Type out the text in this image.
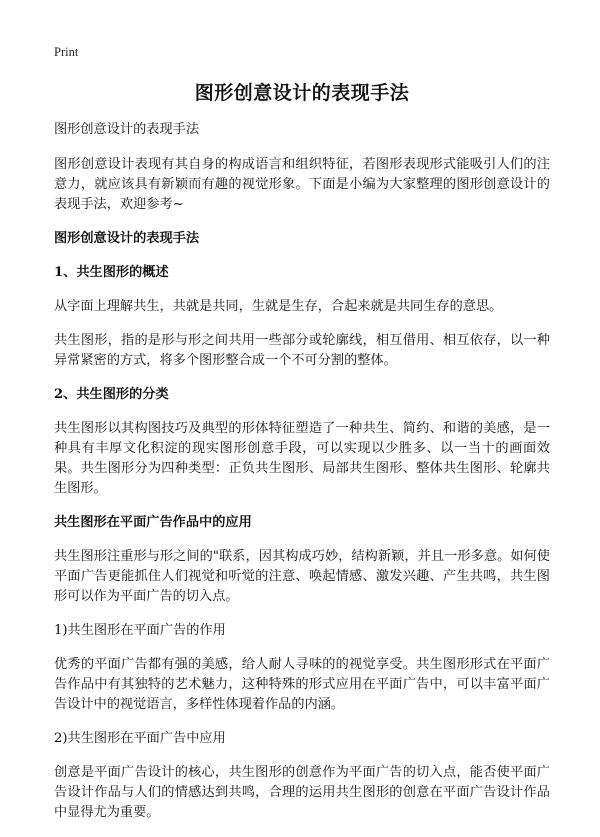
Print
图形创意设计的表现手法

图形创意设计的表现手法

图形创意设计表现有其自身的构成语言和组织特征，若图形表现形式能吸引人们的注意力，就应该具有新颖而有趣的视觉形象。下面是小编为大家整理的图形创意设计的表现手法，欢迎参考~

图形创意设计的表现手法

1、共生图形的概述

从字面上理解共生，共就是共同，生就是生存，合起来就是共同生存的意思。

共生图形，指的是形与形之间共用一些部分或轮廓线，相互借用、相互依存，以一种异常紧密的方式，将多个图形整合成一个不可分割的整体。

2、共生图形的分类

共生图形以其构图技巧及典型的形体特征塑造了一种共生、简约、和谐的美感，是一种具有丰厚文化积淀的现实图形创意手段，可以实现以少胜多、以一当十的画面效果。共生图形分为四种类型：正负共生图形、局部共生图形、整体共生图形、轮廓共生图形。

共生图形在平面广告作品中的应用

共生图形注重形与形之间的"联系，因其构成巧妙，结构新颖，并且一形多意。如何使平面广告更能抓住人们视觉和听觉的注意、唤起情感、激发兴趣、产生共鸣，共生图形可以作为平面广告的切入点。

1)共生图形在平面广告的作用

优秀的平面广告都有强的美感，给人耐人寻味的的视觉享受。共生图形形式在平面广告作品中有其独特的艺术魅力，这种特殊的形式应用在平面广告中，可以丰富平面广告设计中的视觉语言，多样性体现着作品的内涵。

2)共生图形在平面广告中应用

创意是平面广告设计的核心，共生图形的创意作为平面广告的切入点，能否使平面广告设计作品与人们的情感达到共鸣，合理的运用共生图形的创意在平面广告设计作品中显得尤为重要。
